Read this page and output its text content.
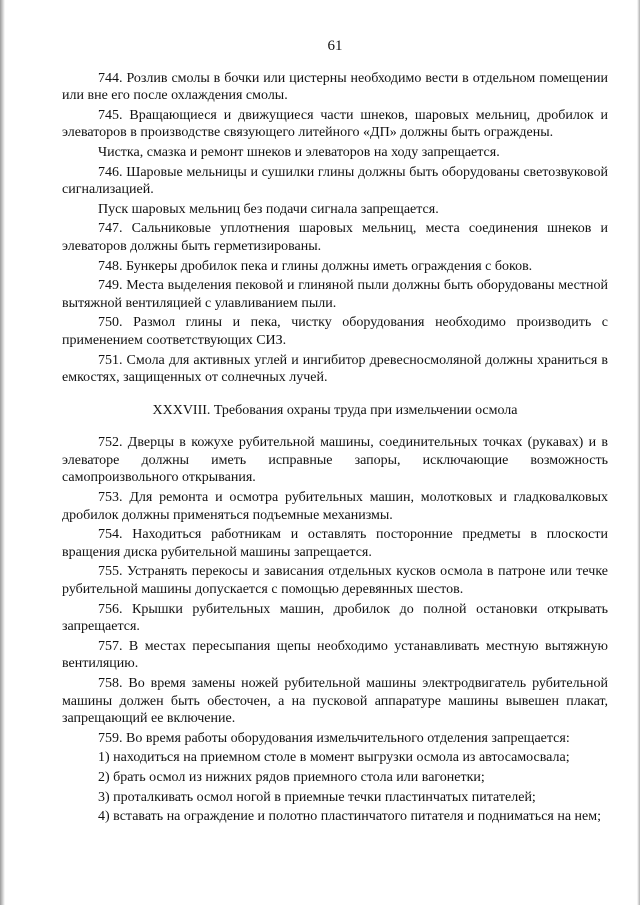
61

744. Розлив смолы в бочки или цистерны необходимо вести в отдельном помещении или вне его после охлаждения смолы.

745. Вращающиеся и движущиеся части шнеков, шаровых мельниц, дробилок и элеваторов в производстве связующего литейного «ДП» должны быть ограждены.

Чистка, смазка и ремонт шнеков и элеваторов на ходу запрещается.

746. Шаровые мельницы и сушилки глины должны быть оборудованы светозвуковой сигнализацией.

Пуск шаровых мельниц без подачи сигнала запрещается.

747. Сальниковые уплотнения шаровых мельниц, места соединения шнеков и элеваторов должны быть герметизированы.

748. Бункеры дробилок пека и глины должны иметь ограждения с боков.

749. Места выделения пековой и глиняной пыли должны быть оборудованы местной вытяжной вентиляцией с улавливанием пыли.

750. Размол глины и пека, чистку оборудования необходимо производить с применением соответствующих СИЗ.

751. Смола для активных углей и ингибитор древесносмоляной должны храниться в емкостях, защищенных от солнечных лучей.

XXXVIII. Требования охраны труда при измельчении осмола

752. Дверцы в кожухе рубительной машины, соединительных точках (рукавах) и в элеваторе должны иметь исправные запоры, исключающие возможность самопроизвольного открывания.

753. Для ремонта и осмотра рубительных машин, молотковых и гладковалковых дробилок должны применяться подъемные механизмы.

754. Находиться работникам и оставлять посторонние предметы в плоскости вращения диска рубительной машины запрещается.

755. Устранять перекосы и зависания отдельных кусков осмола в патроне или течке рубительной машины допускается с помощью деревянных шестов.

756. Крышки рубительных машин, дробилок до полной остановки открывать запрещается.

757. В местах пересыпания щепы необходимо устанавливать местную вытяжную вентиляцию.

758. Во время замены ножей рубительной машины электродвигатель рубительной машины должен быть обесточен, а на пусковой аппаратуре машины вывешен плакат, запрещающий ее включение.

759. Во время работы оборудования измельчительного отделения запрещается:

1) находиться на приемном столе в момент выгрузки осмола из автосамосвала;

2) брать осмол из нижних рядов приемного стола или вагонетки;

3) проталкивать осмол ногой в приемные течки пластинчатых питателей;

4) вставать на ограждение и полотно пластинчатого питателя и подниматься на нем;
